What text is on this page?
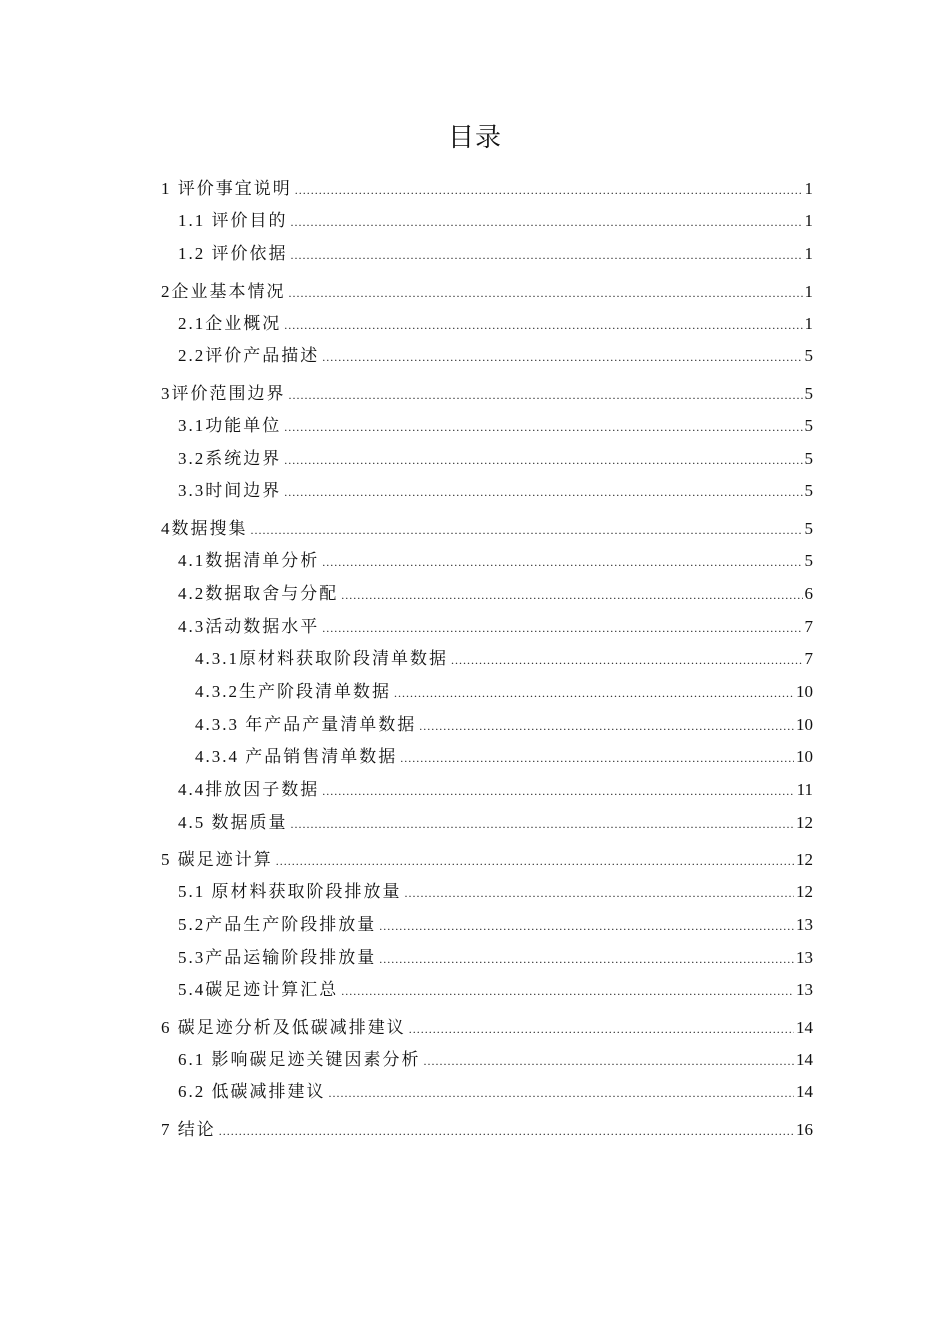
目录
1 评价事宜说明 .....	1
1.1 评价目的 .....	1
1.2 评价依据 .....	1
2企业基本情况 .....	1
2.1企业概况 .....	1
2.2评价产品描述 .....	5
3评价范围边界 .....	5
3.1功能单位 .....	5
3.2系统边界 .....	5
3.3时间边界 .....	5
4数据搜集 .....	5
4.1数据清单分析 .....	5
4.2数据取舍与分配 .....	6
4.3活动数据水平 .....	7
4.3.1原材料获取阶段清单数据 .....	7
4.3.2生产阶段清单数据 .....	10
4.3.3 年产品产量清单数据 .....	10
4.3.4 产品销售清单数据 .....	10
4.4排放因子数据 .....	11
4.5 数据质量 .....	12
5 碳足迹计算 .....	12
5.1 原材料获取阶段排放量 .....	12
5.2产品生产阶段排放量 .....	13
5.3产品运输阶段排放量 .....	13
5.4碳足迹计算汇总 .....	13
6 碳足迹分析及低碳减排建议 .....	14
6.1 影响碳足迹关键因素分析 .....	14
6.2 低碳减排建议 .....	14
7 结论 .....	16
